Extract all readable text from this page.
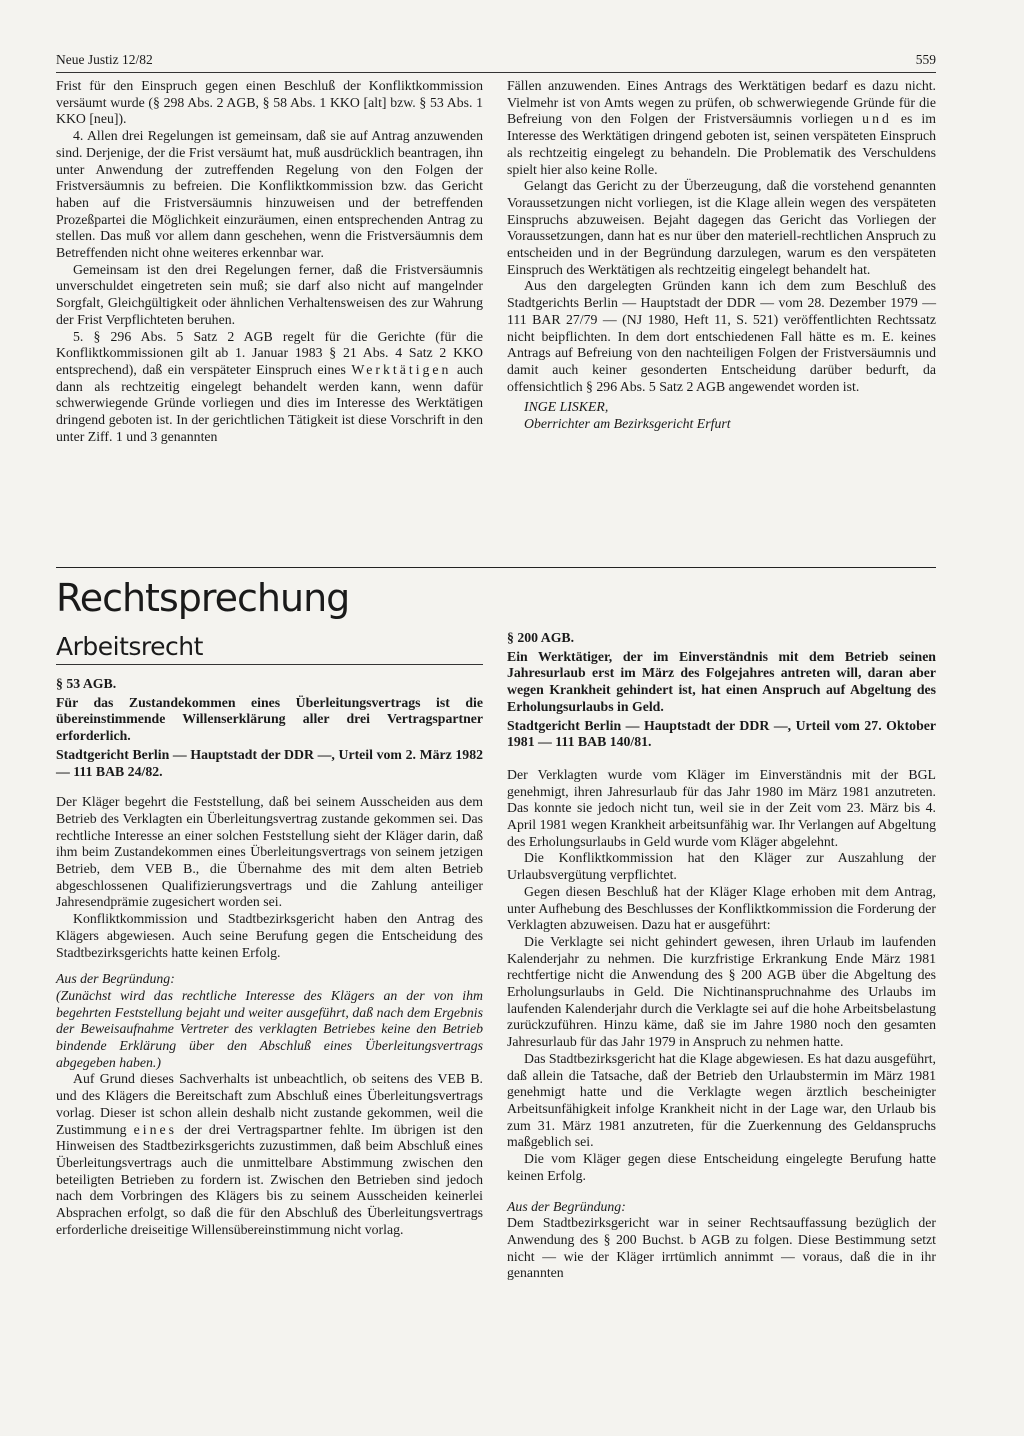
Neue Justiz 12/82	559

Frist für den Einspruch gegen einen Beschluß der Konfliktkommission versäumt wurde (§ 298 Abs. 2 AGB, § 58 Abs. 1 KKO [alt] bzw. § 53 Abs. 1 KKO [neu]).

4. Allen drei Regelungen ist gemeinsam, daß sie auf Antrag anzuwenden sind. Derjenige, der die Frist versäumt hat, muß ausdrücklich beantragen, ihn unter Anwendung der zutreffenden Regelung von den Folgen der Fristversäumnis zu befreien. Die Konfliktkommission bzw. das Gericht haben auf die Fristversäumnis hinzuweisen und der betreffenden Prozeßpartei die Möglichkeit einzuräumen, einen entsprechenden Antrag zu stellen. Das muß vor allem dann geschehen, wenn die Fristversäumnis dem Betreffenden nicht ohne weiteres erkennbar war.

Gemeinsam ist den drei Regelungen ferner, daß die Fristversäumnis unverschuldet eingetreten sein muß; sie darf also nicht auf mangelnder Sorgfalt, Gleichgültigkeit oder ähnlichen Verhaltensweisen des zur Wahrung der Frist Verpflichteten beruhen.

5. § 296 Abs. 5 Satz 2 AGB regelt für die Gerichte (für die Konfliktkommissionen gilt ab 1. Januar 1983 § 21 Abs. 4 Satz 2 KKO entsprechend), daß ein verspäteter Einspruch eines Werktätigen auch dann als rechtzeitig eingelegt behandelt werden kann, wenn dafür schwerwiegende Gründe vorliegen und dies im Interesse des Werktätigen dringend geboten ist. In der gerichtlichen Tätigkeit ist diese Vorschrift in den unter Ziff. 1 und 3 genannten

Fällen anzuwenden. Eines Antrags des Werktätigen bedarf es dazu nicht. Vielmehr ist von Amts wegen zu prüfen, ob schwerwiegende Gründe für die Befreiung von den Folgen der Fristversäumnis vorliegen und es im Interesse des Werktätigen dringend geboten ist, seinen verspäteten Einspruch als rechtzeitig eingelegt zu behandeln. Die Problematik des Verschuldens spielt hier also keine Rolle.

Gelangt das Gericht zu der Überzeugung, daß die vorstehend genannten Voraussetzungen nicht vorliegen, ist die Klage allein wegen des verspäteten Einspruchs abzuweisen. Bejaht dagegen das Gericht das Vorliegen der Voraussetzungen, dann hat es nur über den materiell-rechtlichen Anspruch zu entscheiden und in der Begründung darzulegen, warum es den verspäteten Einspruch des Werktätigen als rechtzeitig eingelegt behandelt hat.

Aus den dargelegten Gründen kann ich dem zum Beschluß des Stadtgerichts Berlin — Hauptstadt der DDR — vom 28. Dezember 1979 — 111 BAR 27/79 — (NJ 1980, Heft 11, S. 521) veröffentlichten Rechtssatz nicht beipflichten. In dem dort entschiedenen Fall hätte es m. E. keines Antrags auf Befreiung von den nachteiligen Folgen der Fristversäumnis und damit auch keiner gesonderten Entscheidung darüber bedurft, da offensichtlich § 296 Abs. 5 Satz 2 AGB angewendet worden ist.

INGE LISKER,

Oberrichter am Bezirksgericht Erfurt

Rechtsprechung
Arbeitsrecht

§ 53 AGB.

Für das Zustandekommen eines Überleitungsvertrags ist die übereinstimmende Willenserklärung aller drei Vertragspartner erforderlich.

Stadtgericht Berlin — Hauptstadt der DDR —, Urteil vom 2. März 1982 — 111 BAB 24/82.

Der Kläger begehrt die Feststellung, daß bei seinem Ausscheiden aus dem Betrieb des Verklagten ein Überleitungsvertrag zustande gekommen sei. Das rechtliche Interesse an einer solchen Feststellung sieht der Kläger darin, daß ihm beim Zustandekommen eines Überleitungsvertrags von seinem jetzigen Betrieb, dem VEB B., die Übernahme des mit dem alten Betrieb abgeschlossenen Qualifizierungsvertrags und die Zahlung anteiliger Jahresendprämie zugesichert worden sei.

Konfliktkommission und Stadtbezirksgericht haben den Antrag des Klägers abgewiesen. Auch seine Berufung gegen die Entscheidung des Stadtbezirksgerichts hatte keinen Erfolg.

Aus der Begründung:

(Zunächst wird das rechtliche Interesse des Klägers an der von ihm begehrten Feststellung bejaht und weiter ausgeführt, daß nach dem Ergebnis der Beweisaufnahme Vertreter des verklagten Betriebes keine den Betrieb bindende Erklärung über den Abschluß eines Überleitungsvertrags abgegeben haben.)

Auf Grund dieses Sachverhalts ist unbeachtlich, ob seitens des VEB B. und des Klägers die Bereitschaft zum Abschluß eines Überleitungsvertrags vorlag. Dieser ist schon allein deshalb nicht zustande gekommen, weil die Zustimmung eines der drei Vertragspartner fehlte. Im übrigen ist den Hinweisen des Stadtbezirksgerichts zuzustimmen, daß beim Abschluß eines Überleitungsvertrags auch die unmittelbare Abstimmung zwischen den beteiligten Betrieben zu fordern ist. Zwischen den Betrieben sind jedoch nach dem Vorbringen des Klägers bis zu seinem Ausscheiden keinerlei Absprachen erfolgt, so daß die für den Abschluß des Überleitungsvertrags erforderliche dreiseitige Willensübereinstimmung nicht vorlag.

§ 200 AGB.

Ein Werktätiger, der im Einverständnis mit dem Betrieb seinen Jahresurlaub erst im März des Folgejahres antreten will, daran aber wegen Krankheit gehindert ist, hat einen Anspruch auf Abgeltung des Erholungsurlaubs in Geld.

Stadtgericht Berlin — Hauptstadt der DDR —, Urteil vom 27. Oktober 1981 — 111 BAB 140/81.

Der Verklagten wurde vom Kläger im Einverständnis mit der BGL genehmigt, ihren Jahresurlaub für das Jahr 1980 im März 1981 anzutreten. Das konnte sie jedoch nicht tun, weil sie in der Zeit vom 23. März bis 4. April 1981 wegen Krankheit arbeitsunfähig war. Ihr Verlangen auf Abgeltung des Erholungsurlaubs in Geld wurde vom Kläger abgelehnt.

Die Konfliktkommission hat den Kläger zur Auszahlung der Urlaubsvergütung verpflichtet.

Gegen diesen Beschluß hat der Kläger Klage erhoben mit dem Antrag, unter Aufhebung des Beschlusses der Konfliktkommission die Forderung der Verklagten abzuweisen. Dazu hat er ausgeführt:

Die Verklagte sei nicht gehindert gewesen, ihren Urlaub im laufenden Kalenderjahr zu nehmen. Die kurzfristige Erkrankung Ende März 1981 rechtfertige nicht die Anwendung des § 200 AGB über die Abgeltung des Erholungsurlaubs in Geld. Die Nichtinanspruchnahme des Urlaubs im laufenden Kalenderjahr durch die Verklagte sei auf die hohe Arbeitsbelastung zurückzuführen. Hinzu käme, daß sie im Jahre 1980 noch den gesamten Jahresurlaub für das Jahr 1979 in Anspruch zu nehmen hatte.

Das Stadtbezirksgericht hat die Klage abgewiesen. Es hat dazu ausgeführt, daß allein die Tatsache, daß der Betrieb den Urlaubstermin im März 1981 genehmigt hatte und die Verklagte wegen ärztlich bescheinigter Arbeitsunfähigkeit infolge Krankheit nicht in der Lage war, den Urlaub bis zum 31. März 1981 anzutreten, für die Zuerkennung des Geldanspruchs maßgeblich sei.

Die vom Kläger gegen diese Entscheidung eingelegte Berufung hatte keinen Erfolg.

Aus der Begründung:

Dem Stadtbezirksgericht war in seiner Rechtsauffassung bezüglich der Anwendung des § 200 Buchst. b AGB zu folgen. Diese Bestimmung setzt nicht — wie der Kläger irrtümlich annimmt — voraus, daß die in ihr genannten
